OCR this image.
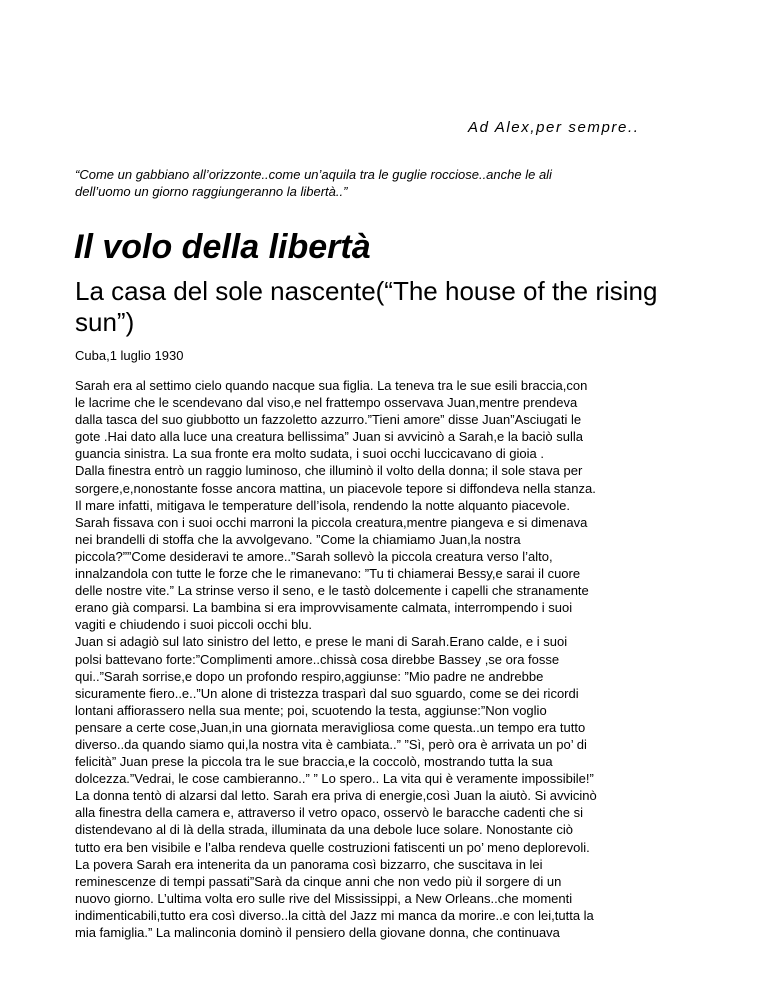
Ad Alex,per sempre..
“Come un gabbiano all’orizzonte..come un’aquila tra le guglie rocciose..anche le ali
dell’uomo un giorno raggiungeranno la libertà..”
Il volo della libertà
La casa del sole nascente(“The house of the rising
sun”)
Cuba,1 luglio 1930
Sarah era al settimo cielo quando nacque sua figlia. La teneva tra le sue esili braccia,con
le lacrime che le scendevano dal viso,e nel frattempo osservava Juan,mentre prendeva
dalla tasca del suo giubbotto un fazzoletto azzurro.”Tieni amore” disse Juan”Asciugati le
gote .Hai dato alla luce una creatura bellissima” Juan si avvicinò a Sarah,e la baciò sulla
guancia sinistra. La sua fronte era molto sudata, i suoi occhi luccicavano di gioia .
Dalla finestra entrò un raggio luminoso, che illuminò il volto della donna; il sole stava per
sorgere,e,nonostante fosse ancora mattina, un piacevole tepore si diffondeva nella stanza.
Il mare infatti, mitigava le temperature dell’isola, rendendo la notte alquanto piacevole.
Sarah fissava con i suoi occhi marroni la piccola creatura,mentre piangeva e si dimenava
nei brandelli di stoffa che la avvolgevano. ”Come la chiamiamo Juan,la nostra
piccola?””Come desideravi te amore..”Sarah sollevò la piccola creatura verso l’alto,
innalzandola con tutte le forze che le rimanevano: ”Tu ti chiamerai Bessy,e sarai il cuore
delle nostre vite.” La strinse verso il seno, e le tastò dolcemente i capelli che stranamente
erano già comparsi. La bambina si era improvvisamente calmata, interrompendo i suoi
vagiti e chiudendo i suoi piccoli occhi blu.
Juan si adagiò sul lato sinistro del letto, e prese le mani di Sarah.Erano calde, e i suoi
polsi battevano forte:”Complimenti amore..chissà cosa direbbe Bassey ,se ora fosse
qui..”Sarah sorrise,e dopo un profondo respiro,aggiunse: ”Mio padre ne andrebbe
sicuramente fiero..e..”Un alone di tristezza trasparì dal suo sguardo, come se dei ricordi
lontani affiorassero nella sua mente; poi, scuotendo la testa, aggiunse:”Non voglio
pensare a certe cose,Juan,in una giornata meravigliosa come questa..un tempo era tutto
diverso..da quando siamo qui,la nostra vita è cambiata..” ”Sì, però ora è arrivata un po’ di
felicità” Juan prese la piccola tra le sue braccia,e la coccolò, mostrando tutta la sua
dolcezza.”Vedrai, le cose cambieranno..” ” Lo spero.. La vita qui è veramente impossibile!”
La donna tentò di alzarsi dal letto. Sarah era priva di energie,così Juan la aiutò. Si avvicinò
alla finestra della camera e, attraverso il vetro opaco, osservò le baracche cadenti che si
distendevano al di là della strada, illuminata da una debole luce solare. Nonostante ciò
tutto era ben visibile e l’alba rendeva quelle costruzioni fatiscenti un po’ meno deplorevoli.
La povera Sarah era intenerita da un panorama così bizzarro, che suscitava in lei
reminescenze di tempi passati”Sarà da cinque anni che non vedo più il sorgere di un
nuovo giorno. L’ultima volta ero sulle rive del Mississippi, a New Orleans..che momenti
indimenticabili,tutto era così diverso..la città del Jazz mi manca da morire..e con lei,tutta la
mia famiglia.” La malinconia dominò il pensiero della giovane donna, che continuava
